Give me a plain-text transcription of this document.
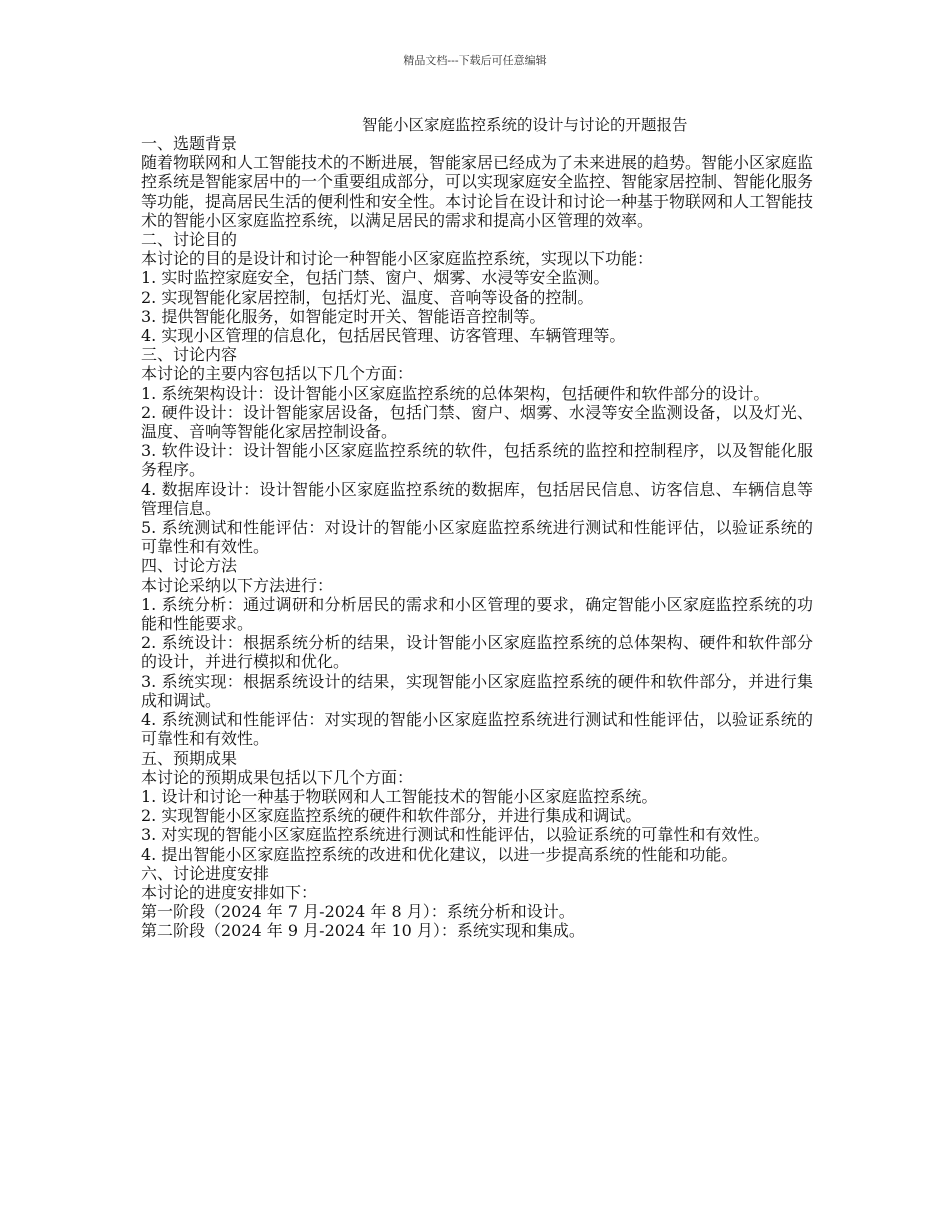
精品文档---下载后可任意编辑
智能小区家庭监控系统的设计与讨论的开题报告

一、选题背景

随着物联网和人工智能技术的不断进展，智能家居已经成为了未来进展的趋势。智能小区家庭监控系统是智能家居中的一个重要组成部分，可以实现家庭安全监控、智能家居控制、智能化服务等功能，提高居民生活的便利性和安全性。本讨论旨在设计和讨论一种基于物联网和人工智能技术的智能小区家庭监控系统，以满足居民的需求和提高小区管理的效率。

二、讨论目的

本讨论的目的是设计和讨论一种智能小区家庭监控系统，实现以下功能：

1. 实时监控家庭安全，包括门禁、窗户、烟雾、水浸等安全监测。

2. 实现智能化家居控制，包括灯光、温度、音响等设备的控制。

3. 提供智能化服务，如智能定时开关、智能语音控制等。

4. 实现小区管理的信息化，包括居民管理、访客管理、车辆管理等。

三、讨论内容

本讨论的主要内容包括以下几个方面：

1. 系统架构设计：设计智能小区家庭监控系统的总体架构，包括硬件和软件部分的设计。

2. 硬件设计：设计智能家居设备，包括门禁、窗户、烟雾、水浸等安全监测设备，以及灯光、温度、音响等智能化家居控制设备。

3. 软件设计：设计智能小区家庭监控系统的软件，包括系统的监控和控制程序，以及智能化服务程序。

4. 数据库设计：设计智能小区家庭监控系统的数据库，包括居民信息、访客信息、车辆信息等管理信息。

5. 系统测试和性能评估：对设计的智能小区家庭监控系统进行测试和性能评估，以验证系统的可靠性和有效性。

四、讨论方法

本讨论采纳以下方法进行：

1. 系统分析：通过调研和分析居民的需求和小区管理的要求，确定智能小区家庭监控系统的功能和性能要求。

2. 系统设计：根据系统分析的结果，设计智能小区家庭监控系统的总体架构、硬件和软件部分的设计，并进行模拟和优化。

3. 系统实现：根据系统设计的结果，实现智能小区家庭监控系统的硬件和软件部分，并进行集成和调试。

4. 系统测试和性能评估：对实现的智能小区家庭监控系统进行测试和性能评估，以验证系统的可靠性和有效性。

五、预期成果

本讨论的预期成果包括以下几个方面：

1. 设计和讨论一种基于物联网和人工智能技术的智能小区家庭监控系统。

2. 实现智能小区家庭监控系统的硬件和软件部分，并进行集成和调试。

3. 对实现的智能小区家庭监控系统进行测试和性能评估，以验证系统的可靠性和有效性。

4. 提出智能小区家庭监控系统的改进和优化建议，以进一步提高系统的性能和功能。

六、讨论进度安排

本讨论的进度安排如下：

第一阶段（2024 年 7 月-2024 年 8 月）：系统分析和设计。

第二阶段（2024 年 9 月-2024 年 10 月）：系统实现和集成。
